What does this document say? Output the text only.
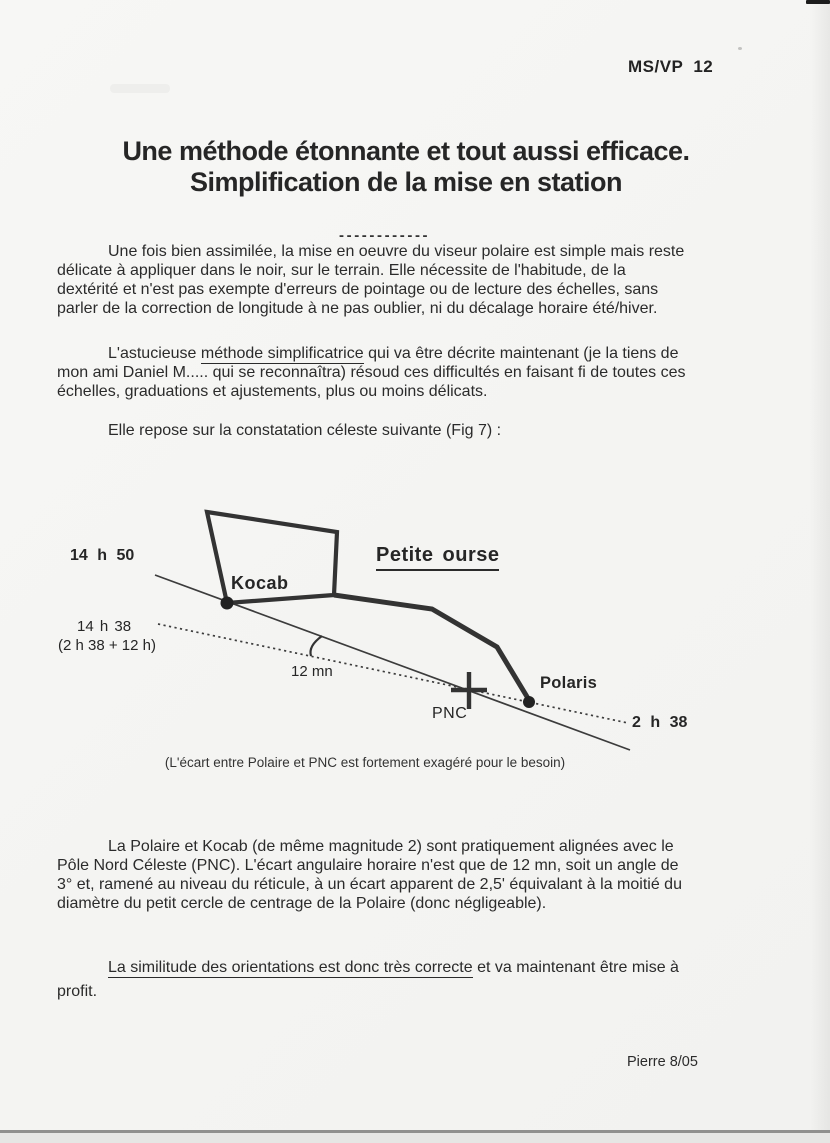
MS/VP 12
Une méthode étonnante et tout aussi efficace.
Simplification de la mise en station
------------
Une fois bien assimilée, la mise en oeuvre du viseur polaire est simple mais reste
délicate à appliquer dans le noir, sur le terrain. Elle nécessite de l'habitude, de la
dextérité et n'est pas exempte d'erreurs de pointage ou de lecture des échelles, sans
parler de la correction de longitude à ne pas oublier, ni du décalage horaire été/hiver.
L'astucieuse méthode simplificatrice qui va être décrite maintenant (je la tiens de
mon ami Daniel M..... qui se reconnaîtra) résoud ces difficultés en faisant fi de toutes ces
échelles, graduations et ajustements, plus ou moins délicats.
Elle repose sur la constatation céleste suivante (Fig 7) :
14 h 50	Petite ourse
Kocab
14 h 38
(2 h 38 + 12 h)
12 mn
Polaris
PNC
2 h 38
(L'écart entre Polaire et PNC est fortement exagéré pour le besoin)
La Polaire et Kocab (de même magnitude 2) sont pratiquement alignées avec le
Pôle Nord Céleste (PNC). L'écart angulaire horaire n'est que de 12 mn, soit un angle de
3° et, ramené au niveau du réticule, à un écart apparent de 2,5' équivalant à la moitié du
diamètre du petit cercle de centrage de la Polaire (donc négligeable).
La similitude des orientations est donc très correcte et va maintenant être mise à
profit.
Pierre 8/05
